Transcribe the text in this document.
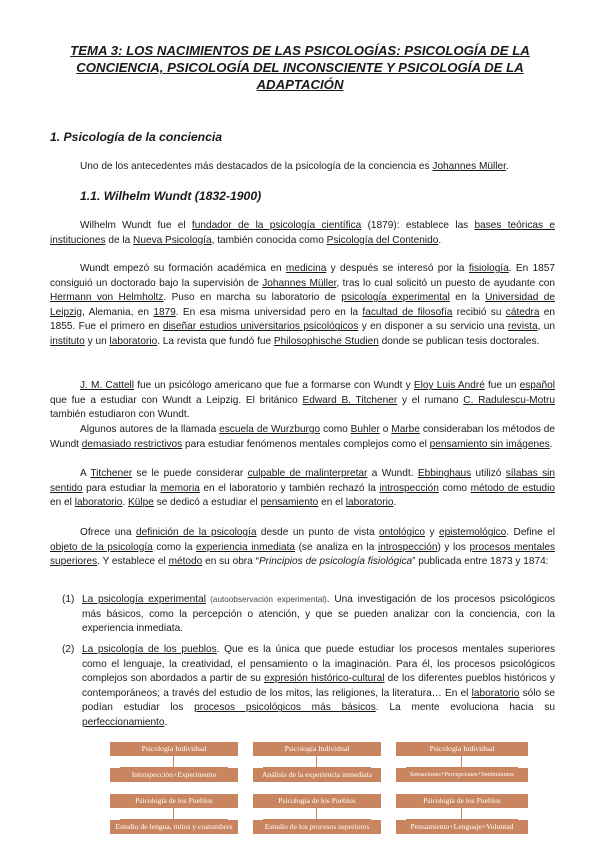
TEMA 3: LOS NACIMIENTOS DE LAS PSICOLOGÍAS: PSICOLOGÍA DE LA CONCIENCIA, PSICOLOGÍA DEL INCONSCIENTE Y PSICOLOGÍA DE LA ADAPTACIÓN
1. Psicología de la conciencia
Uno de los antecedentes más destacados de la psicología de la conciencia es Johannes Müller.
1.1. Wilhelm Wundt (1832-1900)
Wilhelm Wundt fue el fundador de la psicología científica (1879): establece las bases teóricas e instituciones de la Nueva Psicología, también conocida como Psicología del Contenido.
Wundt empezó su formación académica en medicina y después se interesó por la fisiología. En 1857 consiguió un doctorado bajo la supervisión de Johannes Müller, tras lo cual solicitó un puesto de ayudante con Hermann von Helmholtz. Puso en marcha su laboratorio de psicología experimental en la Universidad de Leipzig, Alemania, en 1879. En esa misma universidad pero en la facultad de filosofía recibió su cátedra en 1855. Fue el primero en diseñar estudios universitarios psicológicos y en disponer a su servicio una revista, un instituto y un laboratorio. La revista que fundó fue Philosophische Studien donde se publican tesis doctorales.
J. M. Cattell fue un psicólogo americano que fue a formarse con Wundt y Eloy Luis André fue un español que fue a estudiar con Wundt a Leipzig. El británico Edward B. Titchener y el rumano C. Radulescu-Motru también estudiaron con Wundt.
Algunos autores de la llamada escuela de Wurzburgo como Buhler o Marbe consideraban los métodos de Wundt demasiado restrictivos para estudiar fenómenos mentales complejos como el pensamiento sin imágenes.
A Titchener se le puede considerar culpable de malinterpretar a Wundt. Ebbinghaus utilizó sílabas sin sentido para estudiar la memoria en el laboratorio y también rechazó la introspección como método de estudio en el laboratorio. Külpe se dedicó a estudiar el pensamiento en el laboratorio.
Ofrece una definición de la psicología desde un punto de vista ontológico y epistemológico. Define el objeto de la psicología como la experiencia inmediata (se analiza en la introspección) y los procesos mentales superiores. Y establece el método en su obra “Principios de psicología fisiológica” publicada entre 1873 y 1874:
(1) La psicología experimental (autoobservación experimental). Una investigación de los procesos psicológicos más básicos, como la percepción o atención, y que se pueden analizar con la conciencia, con la experiencia inmediata.
(2) La psicología de los pueblos. Que es la única que puede estudiar los procesos mentales superiores como el lenguaje, la creatividad, el pensamiento o la imaginación. Para él, los procesos psicológicos complejos son abordados a partir de su expresión histórico-cultural de los diferentes pueblos históricos y contemporáneos; a través del estudio de los mitos, las religiones, la literatura… En el laboratorio sólo se podían estudiar los procesos psicológicos más básicos. La mente evoluciona hacia su perfeccionamiento.
Psicología Individual
Introspección+Experimento
Psicología de los Pueblos
Estudio de lengua, mitos y costumbres
Psicología Individual
Análisis de la experiencia inmediata
Psicología de los Pueblos
Estudio de los procesos superiores
Psicología Individual
Sensaciones+Percepciones+Sentimientos
Psicología de los Pueblos
Pensamiento+Lenguaje+Voluntad
